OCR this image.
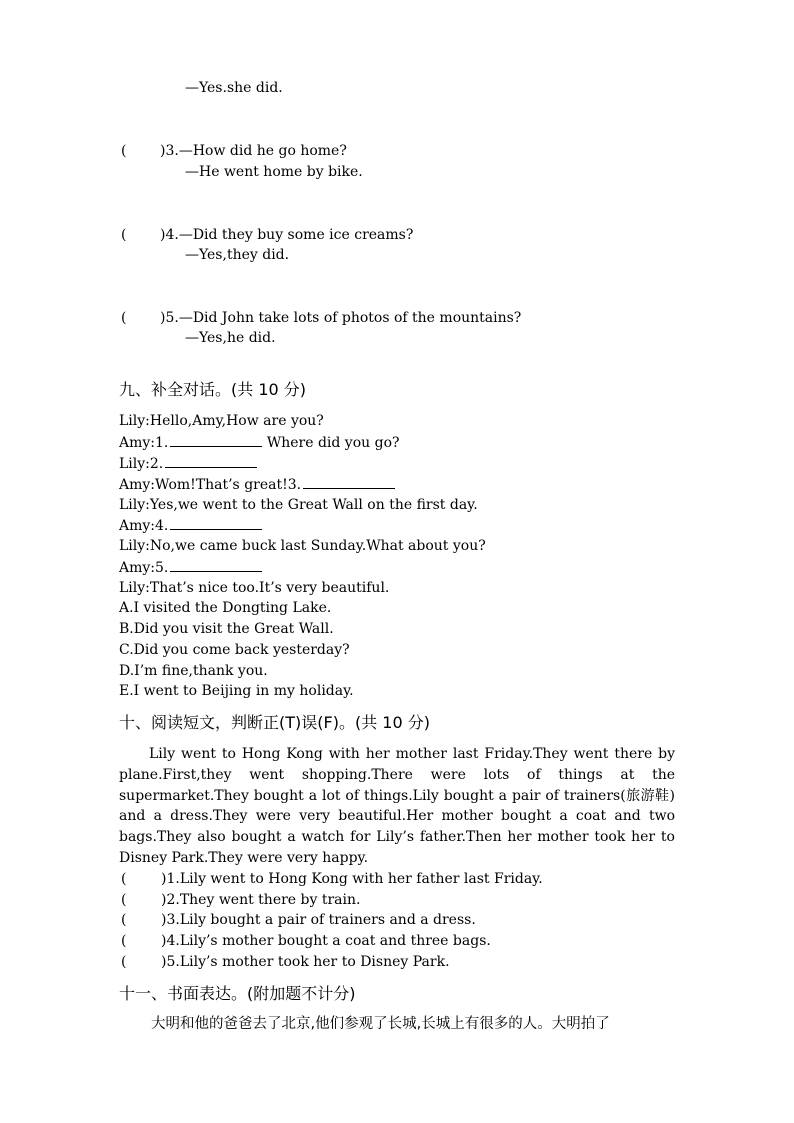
—Yes.she did.
( )3.—How did he go home?
—He went home by bike.
( )4.—Did they buy some ice creams?
—Yes,they did.
( )5.—Did John take lots of photos of the mountains?
—Yes,he did.
九、补全对话。(共 10 分)
Lily:Hello,Amy,How are you?
Amy:1.	Where did you go?
Lily:2.
Amy:Wom!That’s great!3.
Lily:Yes,we went to the Great Wall on the first day.
Amy:4.
Lily:No,we came buck last Sunday.What about you?
Amy:5.
Lily:That’s nice too.It’s very beautiful.
A.I visited the Dongting Lake.
B.Did you visit the Great Wall.
C.Did you come back yesterday?
D.I’m fine,thank you.
E.I went to Beijing in my holiday.
十、阅读短文，判断正(T)误(F)。(共 10 分)
Lily went to Hong Kong with her mother last Friday.They went there by plane.First,they went shopping.There were lots of things at the supermarket.They bought a lot of things.Lily bought a pair of trainers(旅游鞋) and a dress.They were very beautiful.Her mother bought a coat and two bags.They also bought a watch for Lily’s father.Then her mother took her to Disney Park.They were very happy.
( )1.Lily went to Hong Kong with her father last Friday.
( )2.They went there by train.
( )3.Lily bought a pair of trainers and a dress.
( )4.Lily’s mother bought a coat and three bags.
( )5.Lily’s mother took her to Disney Park.
十一、书面表达。(附加题不计分)
大明和他的爸爸去了北京,他们参观了长城,长城上有很多的人。大明拍了
